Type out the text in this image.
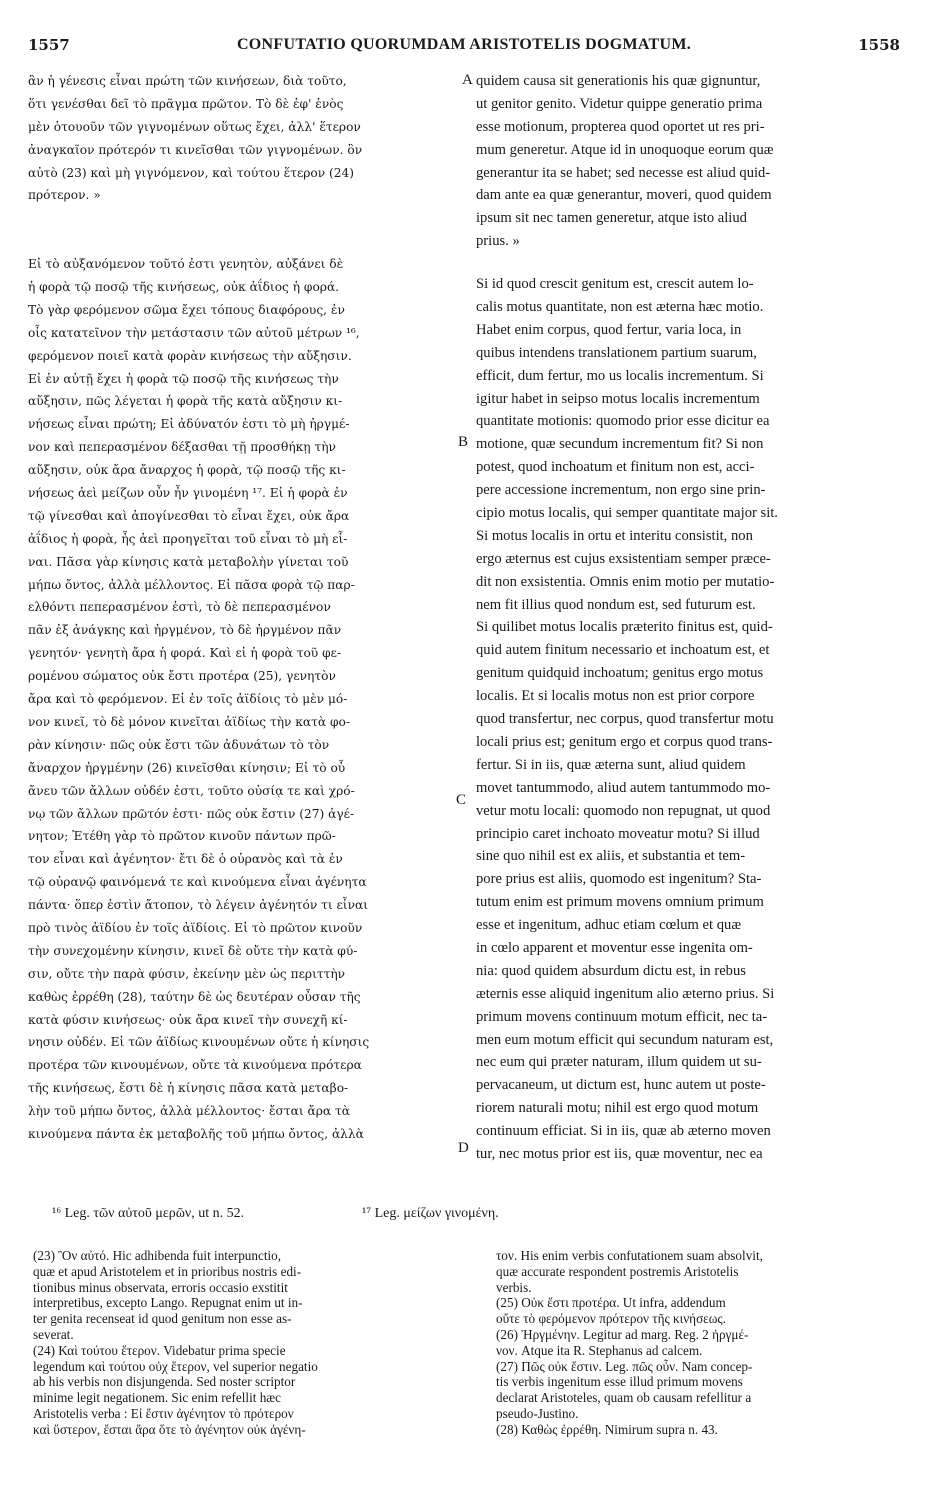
1557	CONFUTATIO QUORUMDAM ARISTOTELIS DOGMATUM.	1558
ἂν ἡ γένεσις εἶναι πρώτη τῶν κινήσεων, διὰ τοῦτο,
ὅτι γενέσθαι δεῖ τὸ πρᾶγμα πρῶτον. Τὸ δὲ ἐφ' ἑνὸς
μὲν ὁτουοῦν τῶν γιγνομένων οὕτως ἔχει, ἀλλ' ἕτερον
ἀναγκαῖον πρότερόν τι κινεῖσθαι τῶν γιγνομένων. ὂν
αὐτὸ (23) καὶ μὴ γιγνόμενον, καὶ τούτου ἕτερον (24)
πρότερον. »
Εἰ τὸ αὐξανόμενον τοῦτό ἐστι γενητὸν, αὐξάνει δὲ
ἡ φορὰ τῷ ποσῷ τῆς κινήσεως, οὐκ ἀΐδιος ἡ φορά.
Τὸ γὰρ φερόμενον σῶμα ἔχει τόπους διαφόρους, ἐν
οἷς κατατεῖνον τὴν μετάστασιν τῶν αὐτοῦ μέτρων ¹⁶,
φερόμενον ποιεῖ κατὰ φορὰν κινήσεως τὴν αὔξησιν.
Εἰ ἐν αὐτῇ ἔχει ἡ φορὰ τῷ ποσῷ τῆς κινήσεως τὴν
αὔξησιν, πῶς λέγεται ἡ φορὰ τῆς κατὰ αὔξησιν κι-
νήσεως εἶναι πρώτη; Εἰ ἀδύνατόν ἐστι τὸ μὴ ἠργμέ-
νον καὶ πεπερασμένον δέξασθαι τῇ προσθήκῃ τὴν
αὔξησιν, οὐκ ἄρα ἄναρχος ἡ φορὰ, τῷ ποσῷ τῆς κι-
νήσεως ἀεὶ μείζων οὖν ἦν γινομένη ¹⁷. Εἰ ἡ φορὰ ἐν
τῷ γίνεσθαι καὶ ἀπογίνεσθαι τὸ εἶναι ἔχει, οὐκ ἄρα
ἀΐδιος ἡ φορὰ, ἧς ἀεὶ προηγεῖται τοῦ εἶναι τὸ μὴ εἶ-
ναι. Πᾶσα γὰρ κίνησις κατὰ μεταβολὴν γίνεται τοῦ
μήπω ὄντος, ἀλλὰ μέλλοντος. Εἰ πᾶσα φορὰ τῷ παρ-
ελθόντι πεπερασμένον ἐστὶ, τὸ δὲ πεπερασμένον
πᾶν ἐξ ἀνάγκης καὶ ἠργμένον, τὸ δὲ ἠργμένον πᾶν
γενητόν· γενητὴ ἄρα ἡ φορά. Καὶ εἰ ἡ φορὰ τοῦ φε-
ρομένου σώματος οὐκ ἔστι προτέρα (25), γενητὸν
ἄρα καὶ τὸ φερόμενον. Εἰ ἐν τοῖς ἀϊδίοις τὸ μὲν μό-
νον κινεῖ, τὸ δὲ μόνον κινεῖται ἀϊδίως τὴν κατὰ φο-
ρὰν κίνησιν· πῶς οὐκ ἔστι τῶν ἀδυνάτων τὸ τὸν
ἄναρχον ἠργμένην (26) κινεῖσθαι κίνησιν; Εἰ τὸ οὗ
ἄνευ τῶν ἄλλων οὐδέν ἐστι, τοῦτο οὐσίᾳ τε καὶ χρό-
νῳ τῶν ἄλλων πρῶτόν ἐστι· πῶς οὐκ ἔστιν (27) ἀγέ-
νητον; Ἐτέθη γὰρ τὸ πρῶτον κινοῦν πάντων πρῶ-
τον εἶναι καὶ ἀγένητον· ἔτι δὲ ὁ οὐρανὸς καὶ τὰ ἐν
τῷ οὐρανῷ φαινόμενά τε καὶ κινούμενα εἶναι ἀγένητα
πάντα· ὅπερ ἐστὶν ἄτοπον, τὸ λέγειν ἀγένητόν τι εἶναι
πρὸ τινὸς ἀϊδίου ἐν τοῖς ἀϊδίοις. Εἰ τὸ πρῶτον κινοῦν
τὴν συνεχομένην κίνησιν, κινεῖ δὲ οὔτε τὴν κατὰ φύ-
σιν, οὔτε τὴν παρὰ φύσιν, ἐκείνην μὲν ὡς περιττὴν
καθὼς ἐρρέθη (28), ταύτην δὲ ὡς δευτέραν οὖσαν τῆς
κατὰ φύσιν κινήσεως· οὐκ ἄρα κινεῖ τὴν συνεχῆ κί-
νησιν οὐδέν. Εἰ τῶν ἀϊδίως κινουμένων οὔτε ἡ κίνησις
προτέρα τῶν κινουμένων, οὔτε τὰ κινούμενα πρότερα
τῆς κινήσεως, ἔστι δὲ ἡ κίνησις πᾶσα κατὰ μεταβο-
λὴν τοῦ μήπω ὄντος, ἀλλὰ μέλλοντος· ἔσται ἄρα τὰ
κινούμενα πάντα ἐκ μεταβολῆς τοῦ μήπω ὄντος, ἀλλὰ
quidem causa sit generationis his quæ gignuntur,
ut genitor genito. Videtur quippe generatio prima
esse motionum, propterea quod oportet ut res pri-
mum generetur. Atque id in unoquoque eorum quæ
generantur ita se habet; sed necesse est aliud quid-
dam ante ea quæ generantur, moveri, quod quidem
ipsum sit nec tamen generetur, atque isto aliud
prius. »
Si id quod crescit genitum est, crescit autem lo-
calis motus quantitate, non est æterna hæc motio.
Habet enim corpus, quod fertur, varia loca, in
quibus intendens translationem partium suarum,
efficit, dum fertur, mo us localis incrementum. Si
igitur habet in seipso motus localis incrementum
quantitate motionis: quomodo prior esse dicitur ea
motione, quæ secundum incrementum fit? Si non
potest, quod inchoatum et finitum non est, acci-
pere accessione incrementum, non ergo sine prin-
cipio motus localis, qui semper quantitate major sit.
Si motus localis in ortu et interitu consistit, non
ergo æternus est cujus exsistentiam semper præce-
dit non exsistentia. Omnis enim motio per mutatio-
nem fit illius quod nondum est, sed futurum est.
Si quilibet motus localis præterito finitus est, quid-
quid autem finitum necessario et inchoatum est, et
genitum quidquid inchoatum; genitus ergo motus
localis. Et si localis motus non est prior corpore
quod transfertur, nec corpus, quod transfertur motu
locali prius est; genitum ergo et corpus quod trans-
fertur. Si in iis, quæ æterna sunt, aliud quidem
movet tantummodo, aliud autem tantummodo mo-
vetur motu locali: quomodo non repugnat, ut quod
principio caret inchoato moveatur motu? Si illud
sine quo nihil est ex aliis, et substantia et tem-
pore prius est aliis, quomodo est ingenitum? Sta-
tutum enim est primum movens omnium primum
esse et ingenitum, adhuc etiam cœlum et quæ
in cœlo apparent et moventur esse ingenita om-
nia: quod quidem absurdum dictu est, in rebus
æternis esse aliquid ingenitum alio æterno prius. Si
primum movens continuum motum efficit, nec ta-
men eum motum efficit qui secundum naturam est,
nec eum qui præter naturam, illum quidem ut su-
pervacaneum, ut dictum est, hunc autem ut poste-
riorem naturali motu; nihil est ergo quod motum
continuum efficiat. Si in iis, quæ ab æterno moven
tur, nec motus prior est iis, quæ moventur, nec ea
A
B
C
D
¹⁶ Leg. τῶν αὐτοῦ μερῶν, ut n. 52.	¹⁷ Leg. μείζων γινομένη.
(23) Ὃν αὐτό. Hic adhibenda fuit interpunctio,
quæ et apud Aristotelem et in prioribus nostris edi-
tionibus minus observata, erroris occasio exstitit
interpretibus, excepto Lango. Repugnat enim ut in-
ter genita recenseat id quod genitum non esse as-
severat.
(24) Καὶ τούτου ἕτερον. Videbatur prima specie
legendum καὶ τούτου οὐχ ἕτερον, vel superior negatio
ab his verbis non disjungenda. Sed noster scriptor
minime legit negationem. Sic enim refellit hæc
Aristotelis verba : Εἰ ἔστιν ἀγένητον τὸ πρότερον
καὶ ὕστερον, ἔσται ἄρα ὅτε τὸ ἀγένητον οὐκ ἀγένη-
τον. His enim verbis confutationem suam absolvit,
quæ accurate respondent postremis Aristotelis
verbis.
(25) Οὐκ ἔστι προτέρα. Ut infra, addendum
οὔτε τὸ φερόμενον πρότερον τῆς κινήσεως.
(26) Ἠργμένην. Legitur ad marg. Reg. 2 ἠργμέ-
νον. Atque ita R. Stephanus ad calcem.
(27) Πῶς οὐκ ἔστιν. Leg. πῶς οὖν. Nam concep-
tis verbis ingenitum esse illud primum movens
declarat Aristoteles, quam ob causam refellitur a
pseudo-Justino.
(28) Καθὼς ἐρρέθη. Nimirum supra n. 43.
